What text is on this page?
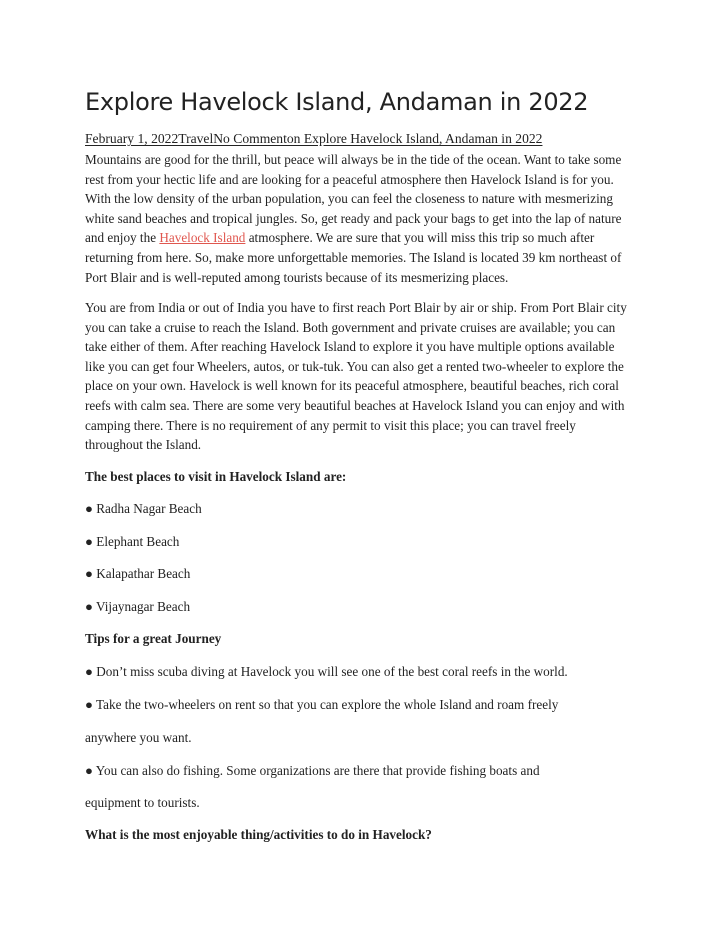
Explore Havelock Island, Andaman in 2022

February 1, 2022TravelNo Commenton Explore Havelock Island, Andaman in 2022

Mountains are good for the thrill, but peace will always be in the tide of the ocean. Want to take some rest from your hectic life and are looking for a peaceful atmosphere then Havelock Island is for you. With the low density of the urban population, you can feel the closeness to nature with mesmerizing white sand beaches and tropical jungles. So, get ready and pack your bags to get into the lap of nature and enjoy the Havelock Island atmosphere. We are sure that you will miss this trip so much after returning from here. So, make more unforgettable memories. The Island is located 39 km northeast of Port Blair and is well-reputed among tourists because of its mesmerizing places.

You are from India or out of India you have to first reach Port Blair by air or ship. From Port Blair city you can take a cruise to reach the Island. Both government and private cruises are available; you can take either of them. After reaching Havelock Island to explore it you have multiple options available like you can get four Wheelers, autos, or tuk-tuk. You can also get a rented two-wheeler to explore the place on your own. Havelock is well known for its peaceful atmosphere, beautiful beaches, rich coral reefs with calm sea. There are some very beautiful beaches at Havelock Island you can enjoy and with camping there. There is no requirement of any permit to visit this place; you can travel freely throughout the Island.

The best places to visit in Havelock Island are:

● Radha Nagar Beach

● Elephant Beach

● Kalapathar Beach

● Vijaynagar Beach

Tips for a great Journey

● Don’t miss scuba diving at Havelock you will see one of the best coral reefs in the world.

● Take the two-wheelers on rent so that you can explore the whole Island and roam freely

anywhere you want.

● You can also do fishing. Some organizations are there that provide fishing boats and

equipment to tourists.

What is the most enjoyable thing/activities to do in Havelock?
